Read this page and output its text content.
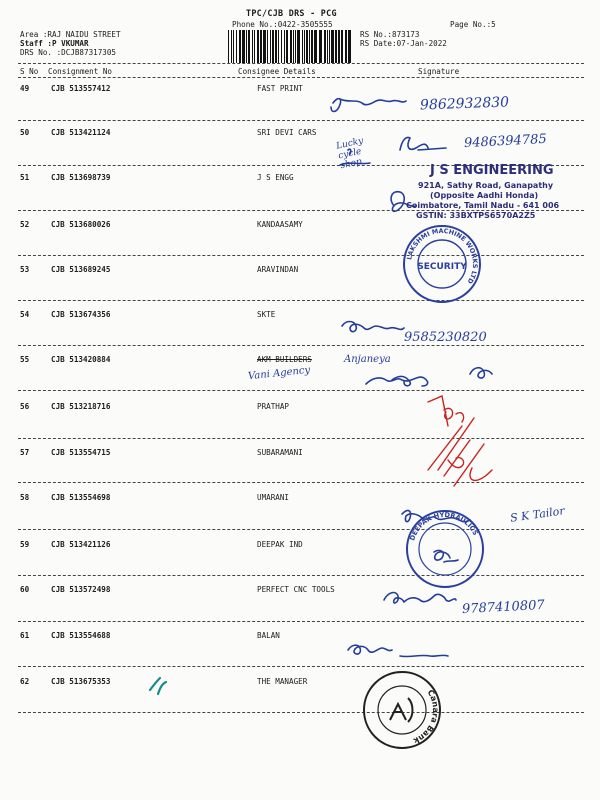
TPC/CJB DRS - PCG
Phone No.:0422-3505555	Page No.:5
Area :RAJ NAIDU STREET
Staff :P VKUMAR
DRS No. :DCJB87317305
RS No.:873173
RS Date:07-Jan-2022
S No Consignment No	Consignee Details	Signature
49	CJB 513557412	FAST PRINT
50	CJB 513421124	SRI DEVI CARS
51	CJB 513698739	J S ENGG
52	CJB 513680026	KANDAASAMY
53	CJB 513689245	ARAVINDAN
54	CJB 513674356	SKTE
55	CJB 513420884	AKM BUILDERS
56	CJB 513218716	PRATHAP
57	CJB 513554715	SUBARAMANI
58	CJB 513554698	UMARANI
59	CJB 513421126	DEEPAK IND
60	CJB 513572498	PERFECT CNC TOOLS
61	CJB 513554688	BALAN
62	CJB 513675353	THE MANAGER
9862932830
Lucky cycle shop
9486394785
9585230820
Anjaneya
Vani Agency
S K Tailor
9787410807
J S ENGINEERING
921A, Sathy Road, Ganapathy
(Opposite Aadhi Honda)
Coimbatore, Tamil Nadu - 641 006
GSTIN: 33BXTPS6570A2Z5
LAKSHMI MACHINE WORKS LTD
SECURITY
DEEPAK HYDRAULICS
Canara Bank
